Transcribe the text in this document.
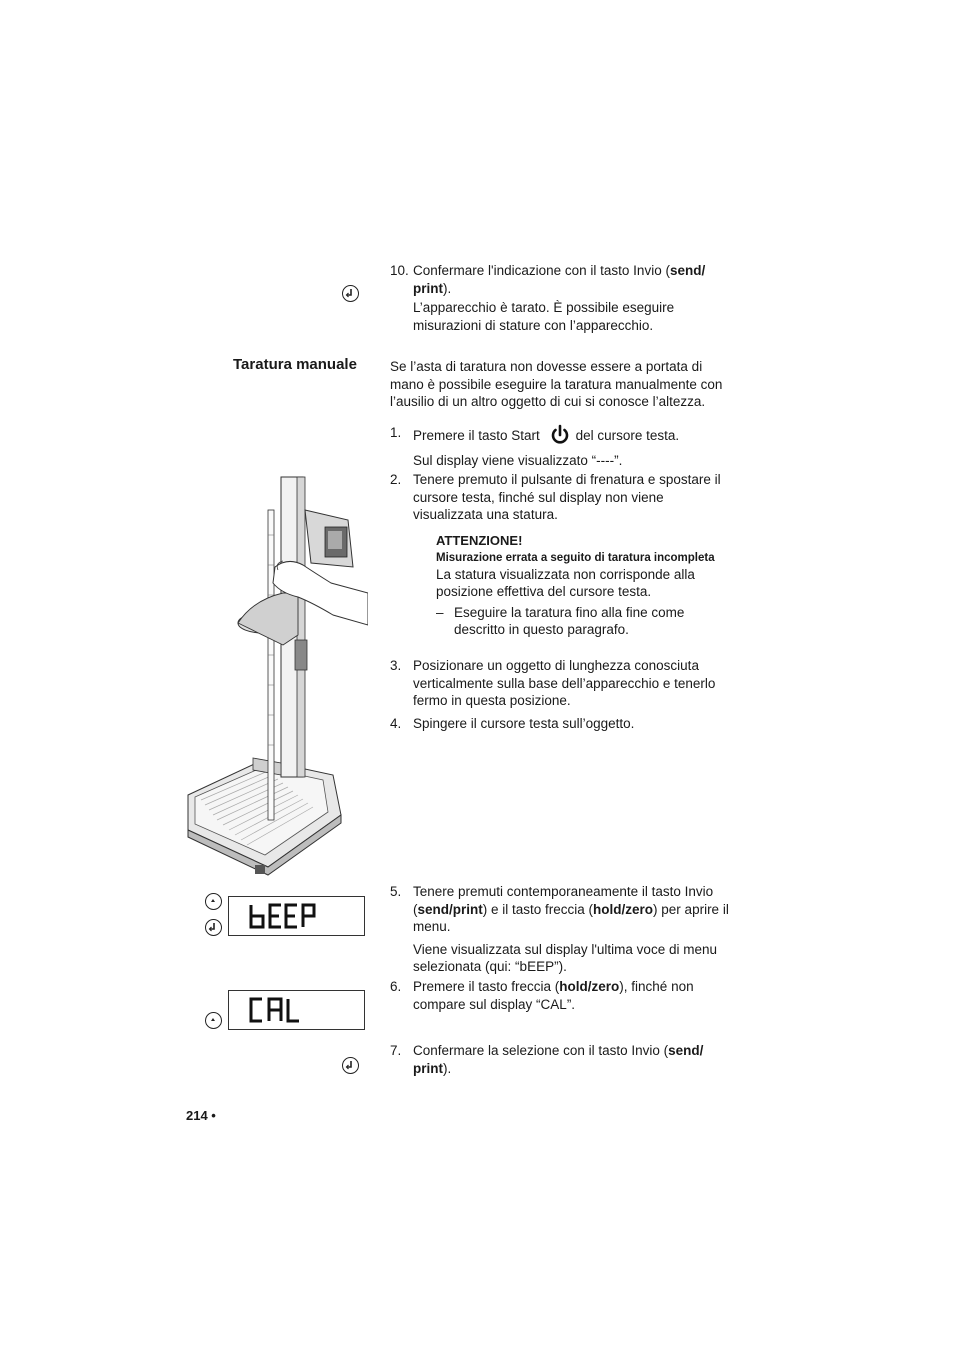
10. Confermare l'indicazione con il tasto Invio (send/ print).
L’apparecchio è tarato. È possibile eseguire misurazioni di stature con l’apparecchio.
Taratura manuale Se l’asta di taratura non dovesse essere a portata di mano è possibile eseguire la taratura manualmente con l’ausilio di un altro oggetto di cui si conosce l’altezza.
1. Premere il tasto Start	del cursore testa.
Sul display viene visualizzato “----”.
2. Tenere premuto il pulsante di frenatura e spostare il cursore testa, finché sul display non viene visualizzata una statura.
ATTENZIONE!
Misurazione errata a seguito di taratura incompleta
La statura visualizzata non corrisponde alla posizione effettiva del cursore testa.
– Eseguire la taratura fino alla fine come descritto in questo paragrafo.
3. Posizionare un oggetto di lunghezza conosciuta verticalmente sulla base dell’apparecchio e tenerlo fermo in questa posizione.
4. Spingere il cursore testa sull’oggetto.
5. Tenere premuti contemporaneamente il tasto Invio (send/print) e il tasto freccia (hold/zero) per aprire il menu.
Viene visualizzata sul display l'ultima voce di menu selezionata (qui: “bEEP”).
6. Premere il tasto freccia (hold/zero), finché non compare sul display “CAL”.
7. Confermare la selezione con il tasto Invio (send/ print).
214 •
